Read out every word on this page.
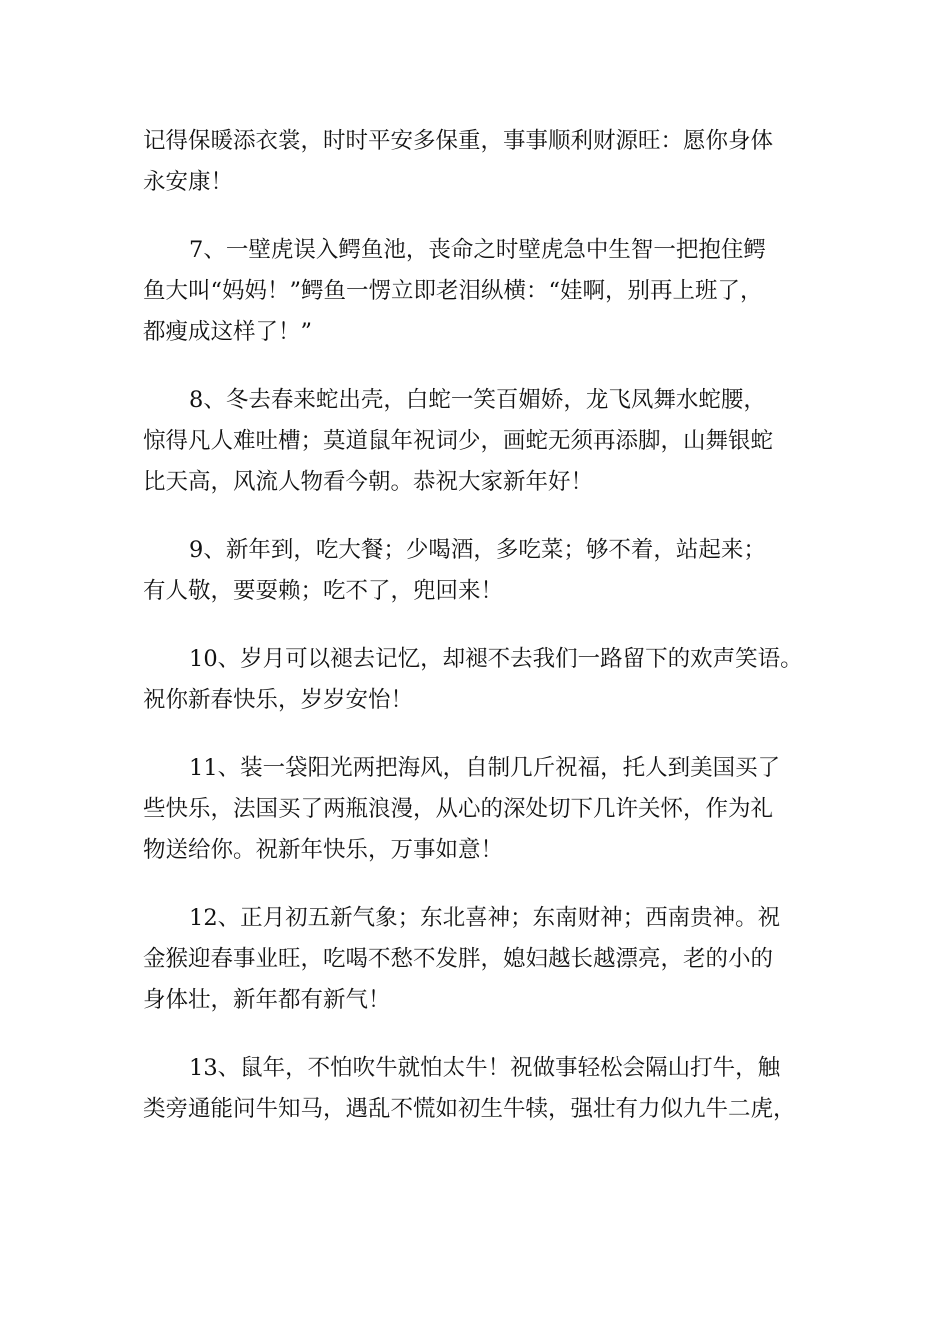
记得保暖添衣裳，时时平安多保重，事事顺利财源旺：愿你身体
永安康！
7、一壁虎误入鳄鱼池，丧命之时壁虎急中生智一把抱住鳄
鱼大叫“妈妈！”鳄鱼一愣立即老泪纵横：“娃啊，别再上班了，
都瘦成这样了！”
8、冬去春来蛇出壳，白蛇一笑百媚娇，龙飞凤舞水蛇腰，
惊得凡人难吐槽；莫道鼠年祝词少，画蛇无须再添脚，山舞银蛇
比天高，风流人物看今朝。恭祝大家新年好！
9、新年到，吃大餐；少喝酒，多吃菜；够不着，站起来；
有人敬，要耍赖；吃不了，兜回来！
10、岁月可以褪去记忆，却褪不去我们一路留下的欢声笑语。
祝你新春快乐，岁岁安怡！
11、装一袋阳光两把海风，自制几斤祝福，托人到美国买了
些快乐，法国买了两瓶浪漫，从心的深处切下几许关怀，作为礼
物送给你。祝新年快乐，万事如意！
12、正月初五新气象；东北喜神；东南财神；西南贵神。祝
金猴迎春事业旺，吃喝不愁不发胖，媳妇越长越漂亮，老的小的
身体壮，新年都有新气！
13、鼠年，不怕吹牛就怕太牛！祝做事轻松会隔山打牛，触
类旁通能问牛知马，遇乱不慌如初生牛犊，强壮有力似九牛二虎，
